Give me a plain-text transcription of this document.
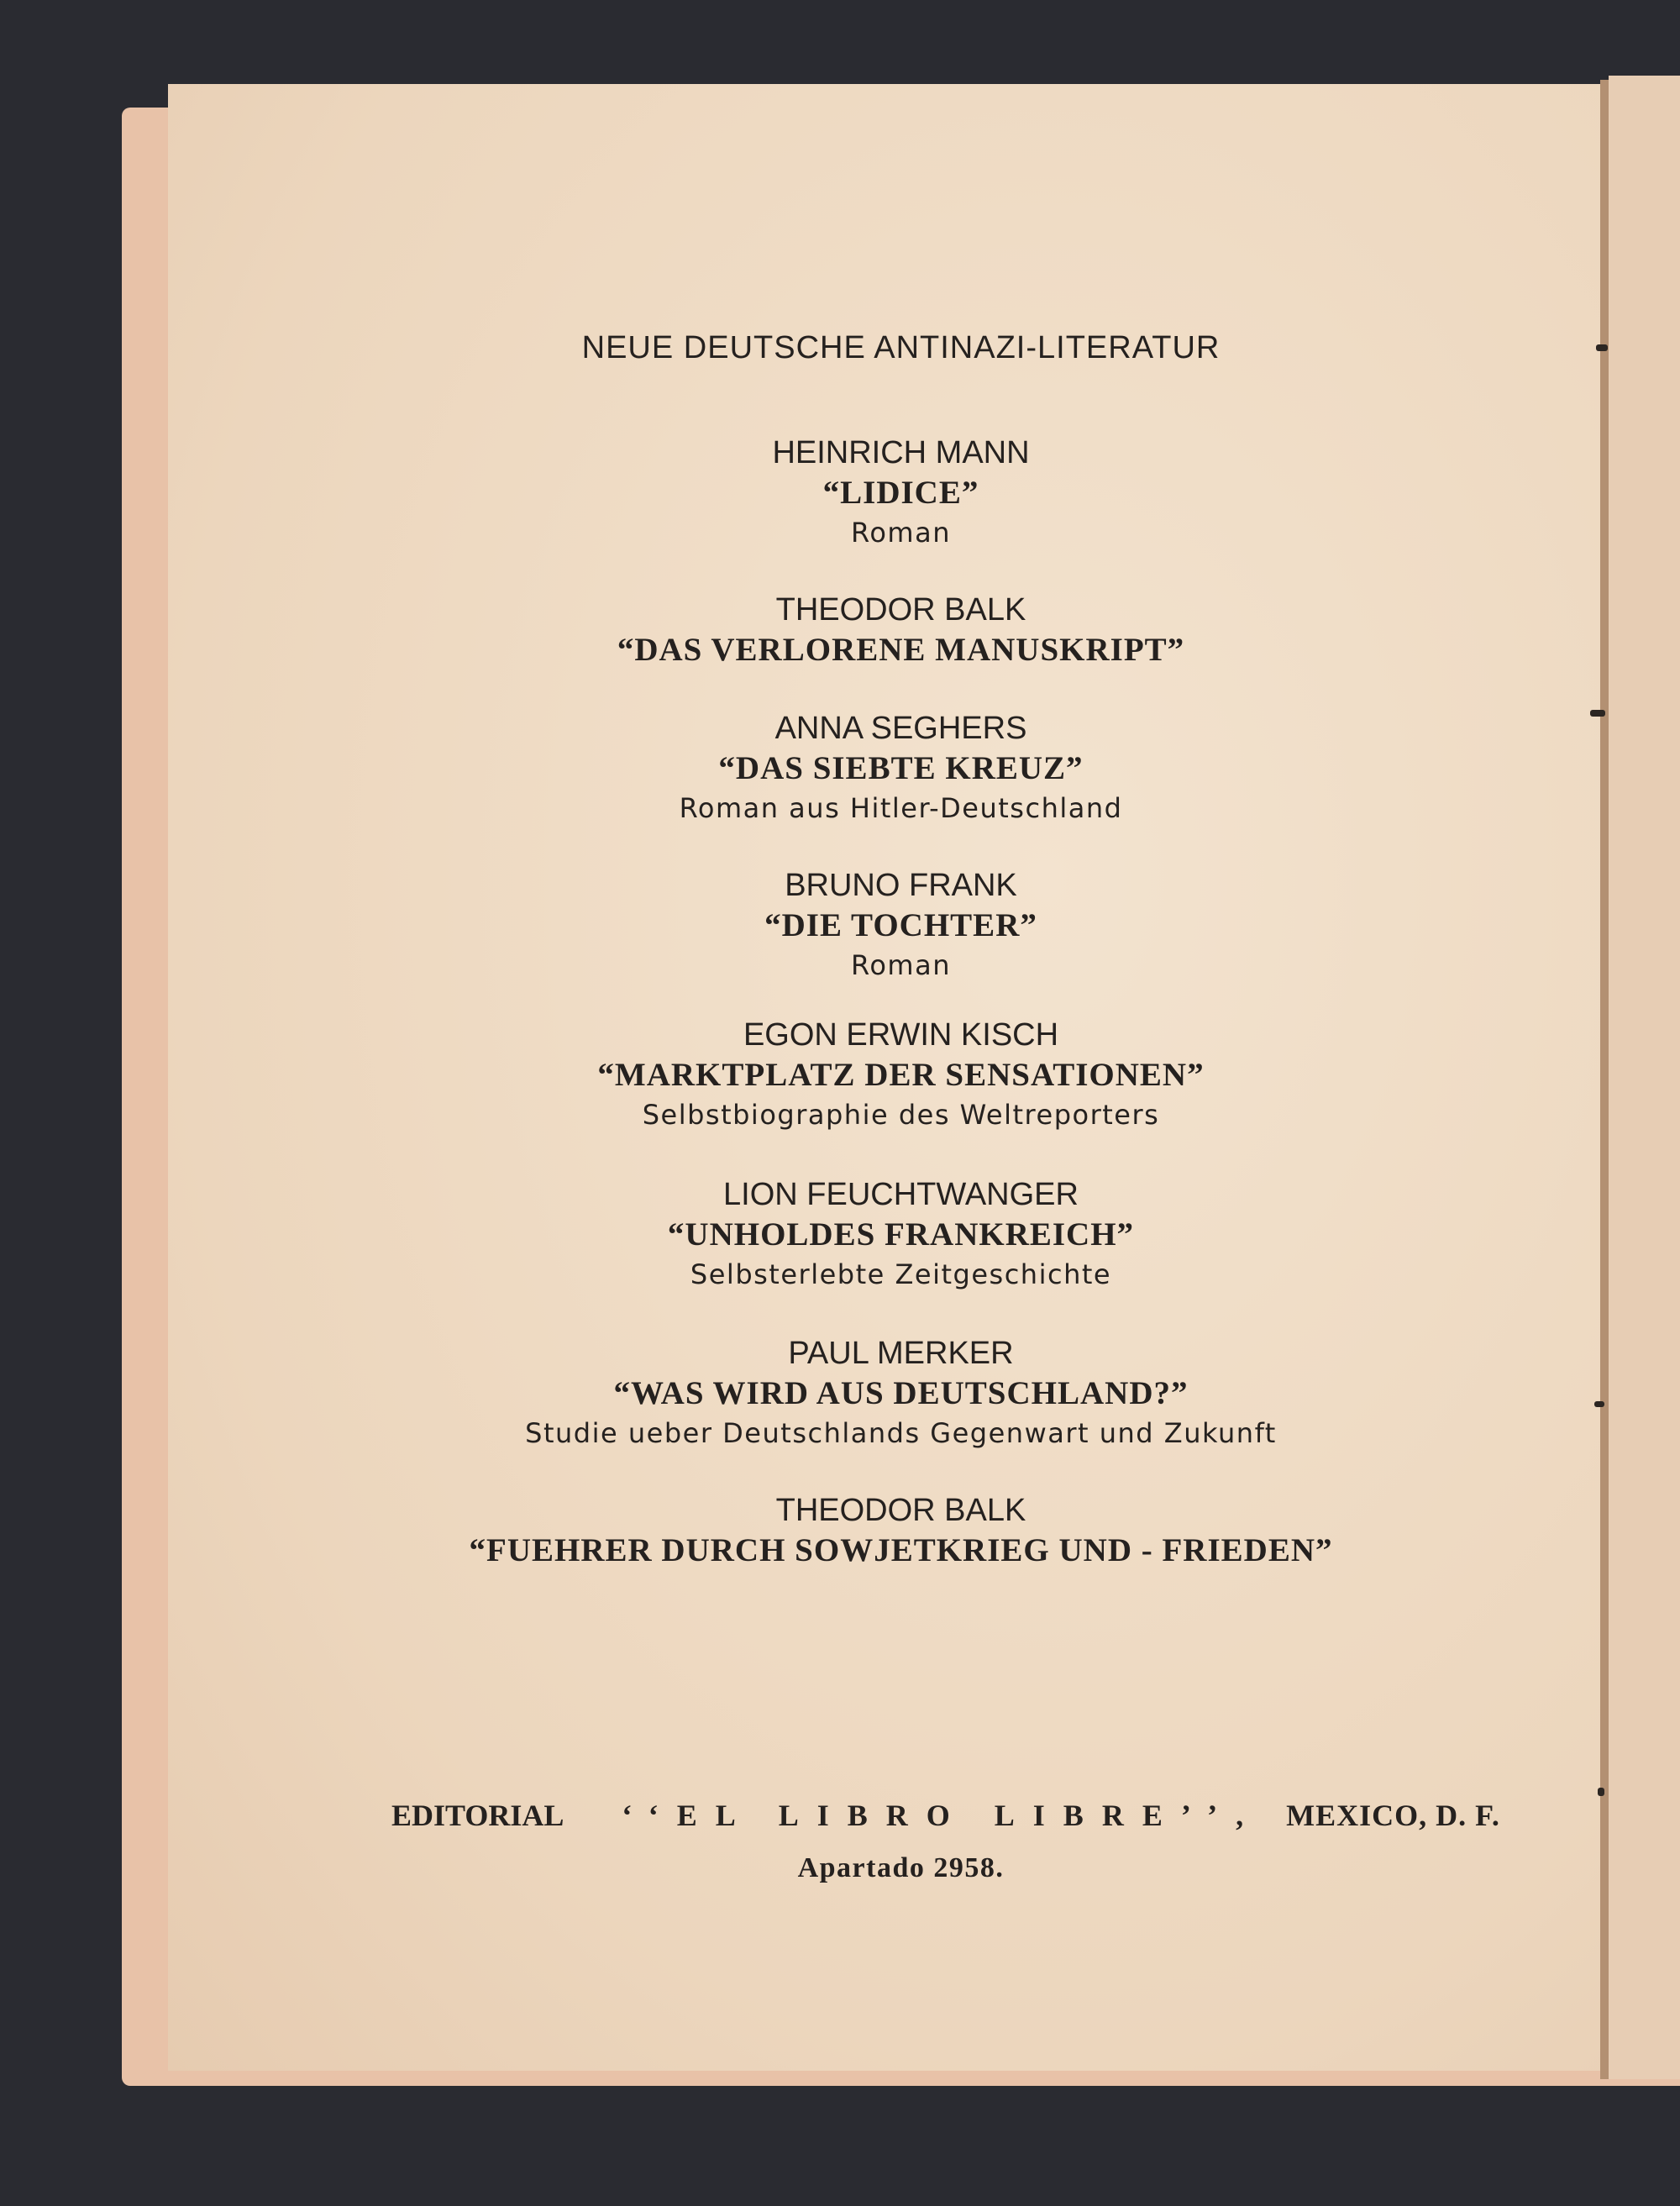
NEUE DEUTSCHE ANTINAZI-LITERATUR
HEINRICH MANN
“LIDICE”
Roman
THEODOR BALK
“DAS VERLORENE MANUSKRIPT”
ANNA SEGHERS
“DAS SIEBTE KREUZ”
Roman aus Hitler-Deutschland
BRUNO FRANK
“DIE TOCHTER”
Roman
EGON ERWIN KISCH
“MARKTPLATZ DER SENSATIONEN”
Selbstbiographie des Weltreporters
LION FEUCHTWANGER
“UNHOLDES FRANKREICH”
Selbsterlebte Zeitgeschichte
PAUL MERKER
“WAS WIRD AUS DEUTSCHLAND?”
Studie ueber Deutschlands Gegenwart und Zukunft
THEODOR BALK
“FUEHRER DURCH SOWJETKRIEG UND - FRIEDEN”
EDITORIAL ‘‘EL LIBRO LIBRE’’, MEXICO, D. F.
Apartado 2958.
